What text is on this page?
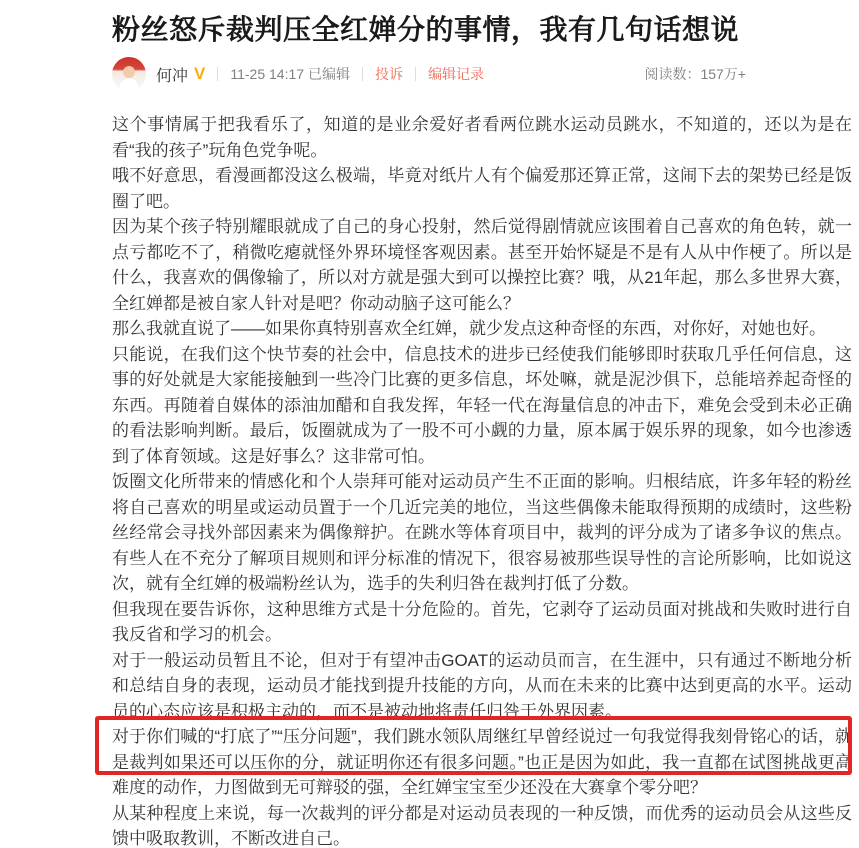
粉丝怒斥裁判压全红婵分的事情，我有几句话想说
何冲 V 11-25 14:17 已编辑 投诉 编辑记录	阅读数：157万+

这个事情属于把我看乐了，知道的是业余爱好者看两位跳水运动员跳水，不知道的，还以为是在看“我的孩子”玩角色党争呢。

哦不好意思，看漫画都没这么极端，毕竟对纸片人有个偏爱那还算正常，这闹下去的架势已经是饭圈了吧。

因为某个孩子特别耀眼就成了自己的身心投射，然后觉得剧情就应该围着自己喜欢的角色转，就一点亏都吃不了，稍微吃瘪就怪外界环境怪客观因素。甚至开始怀疑是不是有人从中作梗了。所以是什么，我喜欢的偶像输了，所以对方就是强大到可以操控比赛？哦，从21年起，那么多世界大赛，全红婵都是被自家人针对是吧？你动动脑子这可能么？

那么我就直说了——如果你真特别喜欢全红婵，就少发点这种奇怪的东西，对你好，对她也好。

只能说，在我们这个快节奏的社会中，信息技术的进步已经使我们能够即时获取几乎任何信息，这事的好处就是大家能接触到一些冷门比赛的更多信息，坏处嘛，就是泥沙俱下，总能培养起奇怪的东西。再随着自媒体的添油加醋和自我发挥，年轻一代在海量信息的冲击下，难免会受到未必正确的看法影响判断。最后，饭圈就成为了一股不可小觑的力量，原本属于娱乐界的现象，如今也渗透到了体育领域。这是好事么？这非常可怕。

饭圈文化所带来的情感化和个人崇拜可能对运动员产生不正面的影响。归根结底，许多年轻的粉丝将自己喜欢的明星或运动员置于一个几近完美的地位，当这些偶像未能取得预期的成绩时，这些粉丝经常会寻找外部因素来为偶像辩护。在跳水等体育项目中，裁判的评分成为了诸多争议的焦点。有些人在不充分了解项目规则和评分标准的情况下，很容易被那些误导性的言论所影响，比如说这次，就有全红婵的极端粉丝认为，选手的失利归咎在裁判打低了分数。

但我现在要告诉你，这种思维方式是十分危险的。首先，它剥夺了运动员面对挑战和失败时进行自我反省和学习的机会。

对于一般运动员暂且不论，但对于有望冲击GOAT的运动员而言，在生涯中，只有通过不断地分析和总结自身的表现，运动员才能找到提升技能的方向，从而在未来的比赛中达到更高的水平。运动员的心态应该是积极主动的，而不是被动地将责任归咎于外界因素。

对于你们喊的“打底了”“压分问题”，我们跳水领队周继红早曾经说过一句我觉得我刻骨铭心的话，就是裁判如果还可以压你的分，就证明你还有很多问题。”也正是因为如此，我一直都在试图挑战更高难度的动作，力图做到无可辩驳的强，全红婵宝宝至少还没在大赛拿个零分吧？

从某种程度上来说，每一次裁判的评分都是对运动员表现的一种反馈，而优秀的运动员会从这些反馈中吸取教训，不断改进自己。
